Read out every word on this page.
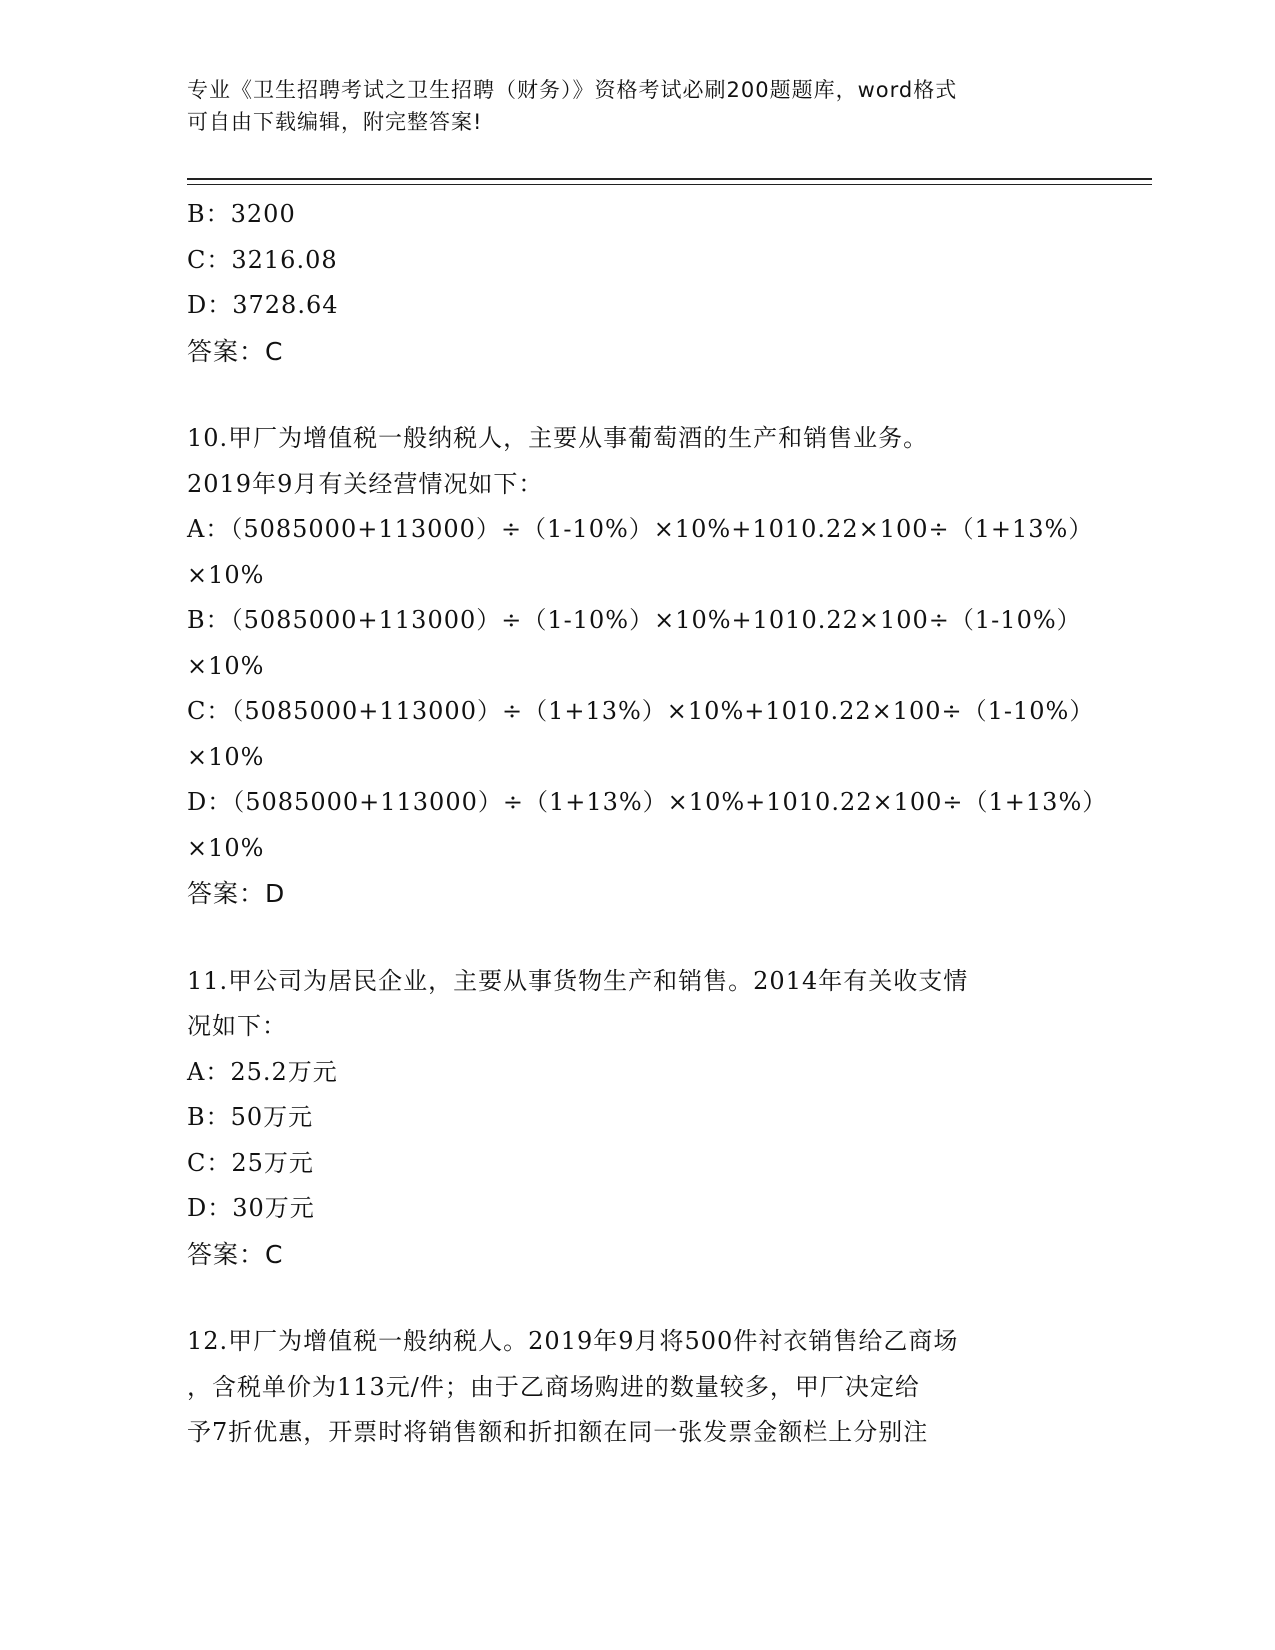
专业《卫生招聘考试之卫生招聘（财务）》资格考试必刷200题题库，word格式
可自由下载编辑，附完整答案!
B：3200
C：3216.08
D：3728.64
答案：C
10.甲厂为增值税一般纳税人，主要从事葡萄酒的生产和销售业务。
2019年9月有关经营情况如下：
A：（5085000+113000）÷（1-10%）×10%+1010.22×100÷（1+13%）
×10%
B：（5085000+113000）÷（1-10%）×10%+1010.22×100÷（1-10%）
×10%
C：（5085000+113000）÷（1+13%）×10%+1010.22×100÷（1-10%）
×10%
D：（5085000+113000）÷（1+13%）×10%+1010.22×100÷（1+13%）
×10%
答案：D
11.甲公司为居民企业，主要从事货物生产和销售。2014年有关收支情
况如下：
A：25.2万元
B：50万元
C：25万元
D：30万元
答案：C
12.甲厂为增值税一般纳税人。2019年9月将500件衬衣销售给乙商场
，含税单价为113元/件；由于乙商场购进的数量较多，甲厂决定给
予7折优惠，开票时将销售额和折扣额在同一张发票金额栏上分别注
